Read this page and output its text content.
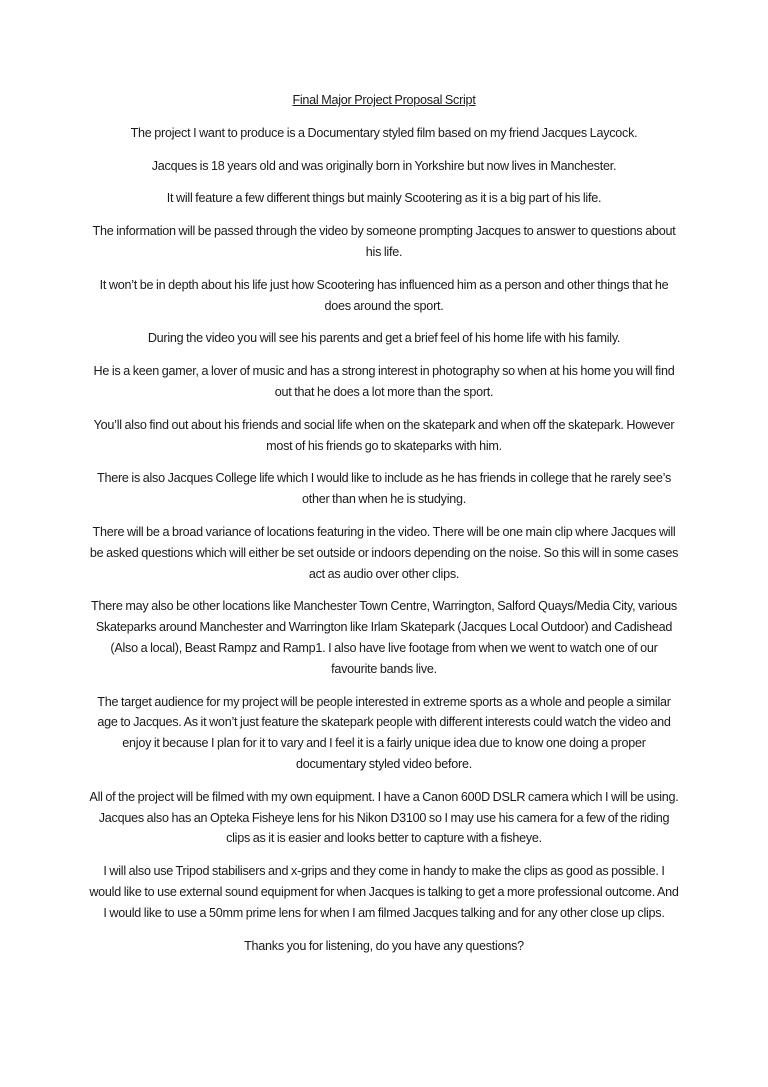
Final Major Project Proposal Script

The project I want to produce is a Documentary styled film based on my friend Jacques Laycock.

Jacques is 18 years old and was originally born in Yorkshire but now lives in Manchester.

It will feature a few different things but mainly Scootering as it is a big part of his life.

The information will be passed through the video by someone prompting Jacques to answer to questions about his life.

It won’t be in depth about his life just how Scootering has influenced him as a person and other things that he does around the sport.

During the video you will see his parents and get a brief feel of his home life with his family.

He is a keen gamer, a lover of music and has a strong interest in photography so when at his home you will find out that he does a lot more than the sport.

You’ll also find out about his friends and social life when on the skatepark and when off the skatepark. However most of his friends go to skateparks with him.

There is also Jacques College life which I would like to include as he has friends in college that he rarely see’s other than when he is studying.

There will be a broad variance of locations featuring in the video. There will be one main clip where Jacques will be asked questions which will either be set outside or indoors depending on the noise. So this will in some cases act as audio over other clips.

There may also be other locations like Manchester Town Centre, Warrington, Salford Quays/Media City, various Skateparks around Manchester and Warrington like Irlam Skatepark (Jacques Local Outdoor) and Cadishead (Also a local), Beast Rampz and Ramp1. I also have live footage from when we went to watch one of our favourite bands live.

The target audience for my project will be people interested in extreme sports as a whole and people a similar age to Jacques. As it won’t just feature the skatepark people with different interests could watch the video and enjoy it because I plan for it to vary and I feel it is a fairly unique idea due to know one doing a proper documentary styled video before.

All of the project will be filmed with my own equipment. I have a Canon 600D DSLR camera which I will be using. Jacques also has an Opteka Fisheye lens for his Nikon D3100 so I may use his camera for a few of the riding clips as it is easier and looks better to capture with a fisheye.

I will also use Tripod stabilisers and x-grips and they come in handy to make the clips as good as possible. I would like to use external sound equipment for when Jacques is talking to get a more professional outcome. And I would like to use a 50mm prime lens for when I am filmed Jacques talking and for any other close up clips.

Thanks you for listening, do you have any questions?
